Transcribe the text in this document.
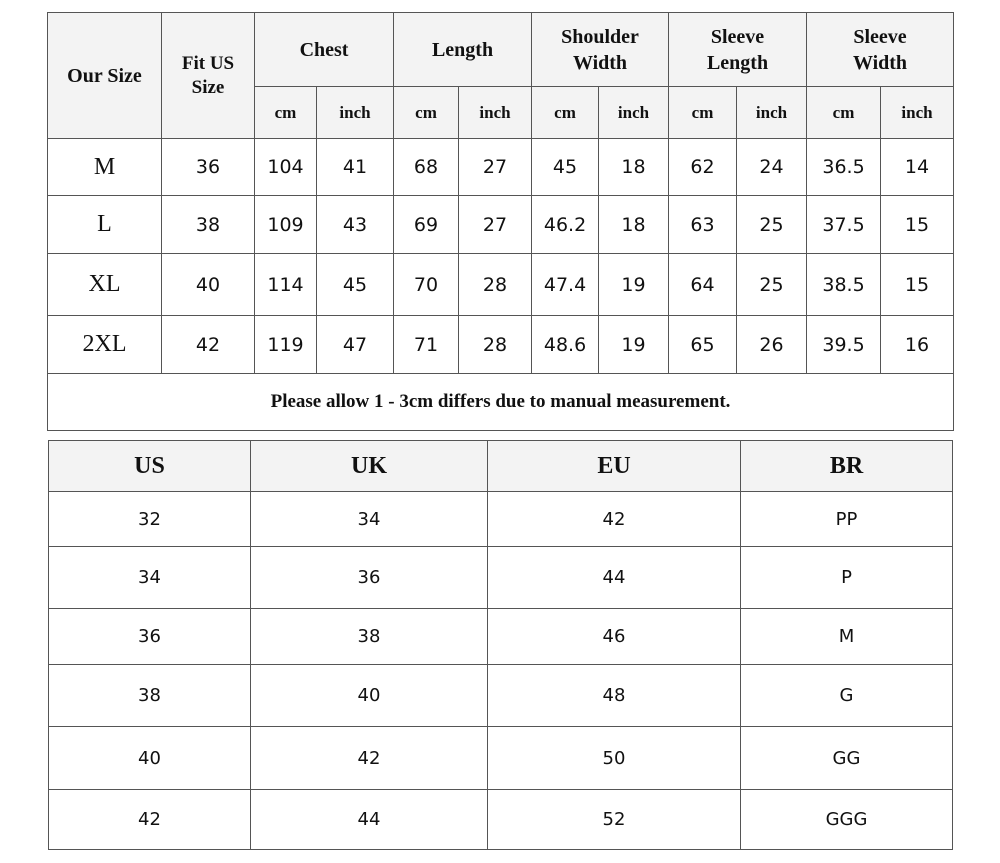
Our Size	Fit US Size	Chest		Length		Shoulder Width		Sleeve Length		Sleeve Width	

		cm	inch	cm	inch	cm	inch	cm	inch	cm	inch
M	36	104	41	68	27	45	18	62	24	36.5	14
L	38	109	43	69	27	46.2	18	63	25	37.5	15
XL	40	114	45	70	28	47.4	19	64	25	38.5	15
2XL	42	119	47	71	28	48.6	19	65	26	39.5	16
Please allow 1 - 3cm differs due to manual measurement.											
US	UK	EU	BR
32	34	42	PP
34	36	44	P
36	38	46	M
38	40	48	G
40	42	50	GG
42	44	52	GGG
